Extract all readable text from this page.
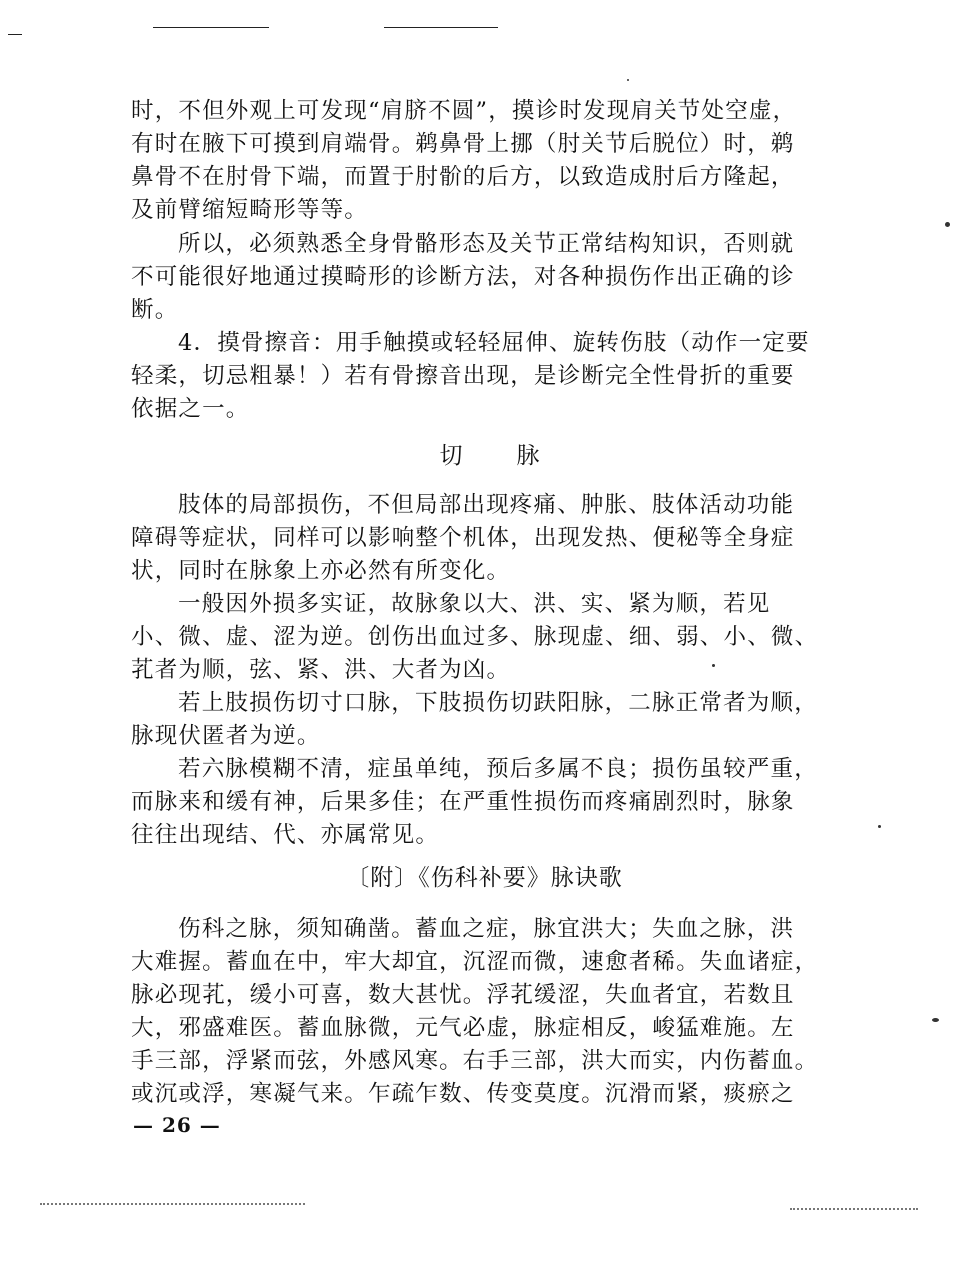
时，不但外观上可发现“肩脐不圆”，摸诊时发现肩关节处空虚，
有时在腋下可摸到肩端骨。鹈鼻骨上挪（肘关节后脱位）时，鹈
鼻骨不在肘骨下端，而置于肘骱的后方，以致造成肘后方隆起，
及前臂缩短畸形等等。
所以，必须熟悉全身骨骼形态及关节正常结构知识，否则就
不可能很好地通过摸畸形的诊断方法，对各种损伤作出正确的诊
断。
4．摸骨擦音：用手触摸或轻轻屈伸、旋转伤肢（动作一定要
轻柔，切忌粗暴！）若有骨擦音出现，是诊断完全性骨折的重要
依据之一。
切脉
肢体的局部损伤，不但局部出现疼痛、肿胀、肢体活动功能
障碍等症状，同样可以影响整个机体，出现发热、便秘等全身症
状，同时在脉象上亦必然有所变化。
一般因外损多实证，故脉象以大、洪、实、紧为顺，若见
小、微、虚、涩为逆。创伤出血过多、脉现虚、细、弱、小、微、
芤者为顺，弦、紧、洪、大者为凶。
若上肢损伤切寸口脉，下肢损伤切趺阳脉，二脉正常者为顺，
脉现伏匿者为逆。
若六脉模糊不清，症虽单纯，预后多属不良；损伤虽较严重，
而脉来和缓有神，后果多佳；在严重性损伤而疼痛剧烈时，脉象
往往出现结、代、亦属常见。
〔附〕《伤科补要》脉诀歌
伤科之脉，须知确凿。蓄血之症，脉宜洪大；失血之脉，洪
大难握。蓄血在中，牢大却宜，沉涩而微，速愈者稀。失血诸症，
脉必现芤，缓小可喜，数大甚忧。浮芤缓涩，失血者宜，若数且
大，邪盛难医。蓄血脉微，元气必虚，脉症相反，峻猛难施。左
手三部，浮紧而弦，外感风寒。右手三部，洪大而实，内伤蓄血。
或沉或浮，寒凝气来。乍疏乍数、传变莫度。沉滑而紧，痰瘀之
— 26 —
